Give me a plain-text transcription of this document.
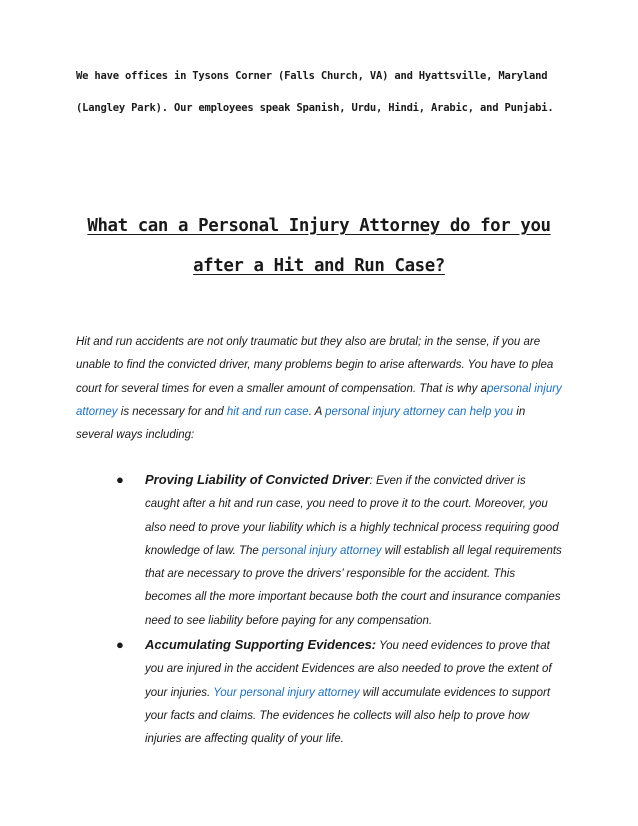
We have offices in Tysons Corner (Falls Church, VA) and Hyattsville, Maryland (Langley Park). Our employees speak Spanish, Urdu, Hindi, Arabic, and Punjabi.

What can a Personal Injury Attorney do for you after a Hit and Run Case?

Hit and run accidents are not only traumatic but they also are brutal; in the sense, if you are unable to find the convicted driver, many problems begin to arise afterwards. You have to plea court for several times for even a smaller amount of compensation. That is why apersonal injury attorney is necessary for and hit and run case. A personal injury attorney can help you in several ways including:

● Proving Liability of Convicted Driver: Even if the convicted driver is caught after a hit and run case, you need to prove it to the court. Moreover, you also need to prove your liability which is a highly technical process requiring good knowledge of law. The personal injury attorney will establish all legal requirements that are necessary to prove the drivers’ responsible for the accident. This becomes all the more important because both the court and insurance companies need to see liability before paying for any compensation.
● Accumulating Supporting Evidences: You need evidences to prove that you are injured in the accident Evidences are also needed to prove the extent of your injuries. Your personal injury attorney will accumulate evidences to support your facts and claims. The evidences he collects will also help to prove how injuries are affecting quality of your life.
